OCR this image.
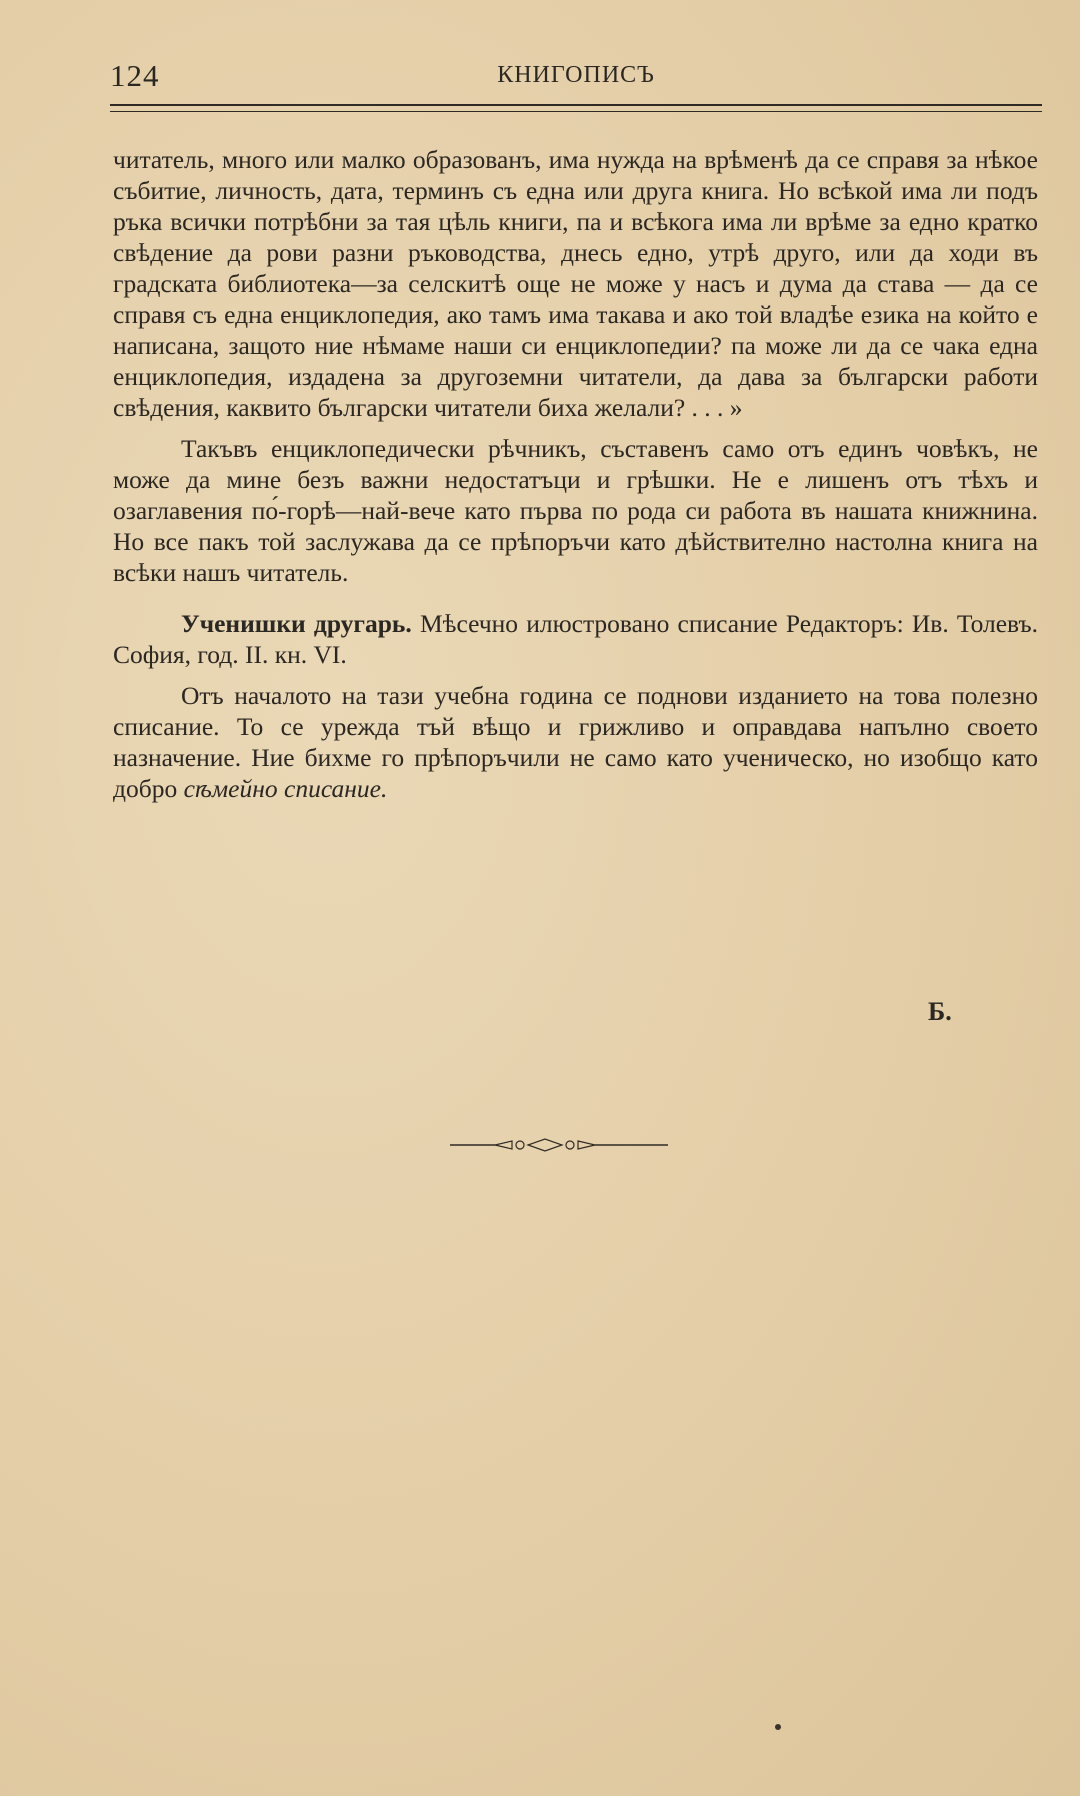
124	КНИГОПИСЪ

читатель, много или малко образованъ, има нужда на врѣменѣ да се справя за нѣкое събитие, личность, дата, терминъ съ една или друга книга. Но всѣкой има ли подъ ръка всички потрѣбни за тая цѣль книги, па и всѣкога има ли врѣме за едно кратко свѣдение да рови разни ръководства, днесь едно, утрѣ друго, или да ходи въ градската библиотека—за селскитѣ още не може у насъ и дума да става — да се справя съ една енциклопедия, ако тамъ има такава и ако той владѣе езика на който е написана, защото ние нѣмаме наши си енциклопедии? па може ли да се чака една енциклопедия, издадена за другоземни читатели, да дава за български работи свѣдения, каквито български читатели биха желали? . . . »

Такъвъ енциклопедически рѣчникъ, съставенъ само отъ единъ човѣкъ, не може да мине безъ важни недостатъци и грѣшки. Не е лишенъ отъ тѣхъ и озаглавения по́-горѣ—най-вече като първа по рода си работа въ нашата книжнина. Но все пакъ той заслужава да се прѣпоръчи като дѣйствително настолна книга на всѣки нашъ читатель.

Ученишки другарь. Мѣсечно илюстровано списание Редакторъ: Ив. Толевъ. София, год. II. кн. VI.

Отъ началото на тази учебна година се поднови изданието на това полезно списание. То се урежда тъй вѣщо и грижливо и оправдава напълно своето назначение. Ние бихме го прѣпоръчили не само като ученическо, но изобщо като добро сѣмейно списание.

Б.
